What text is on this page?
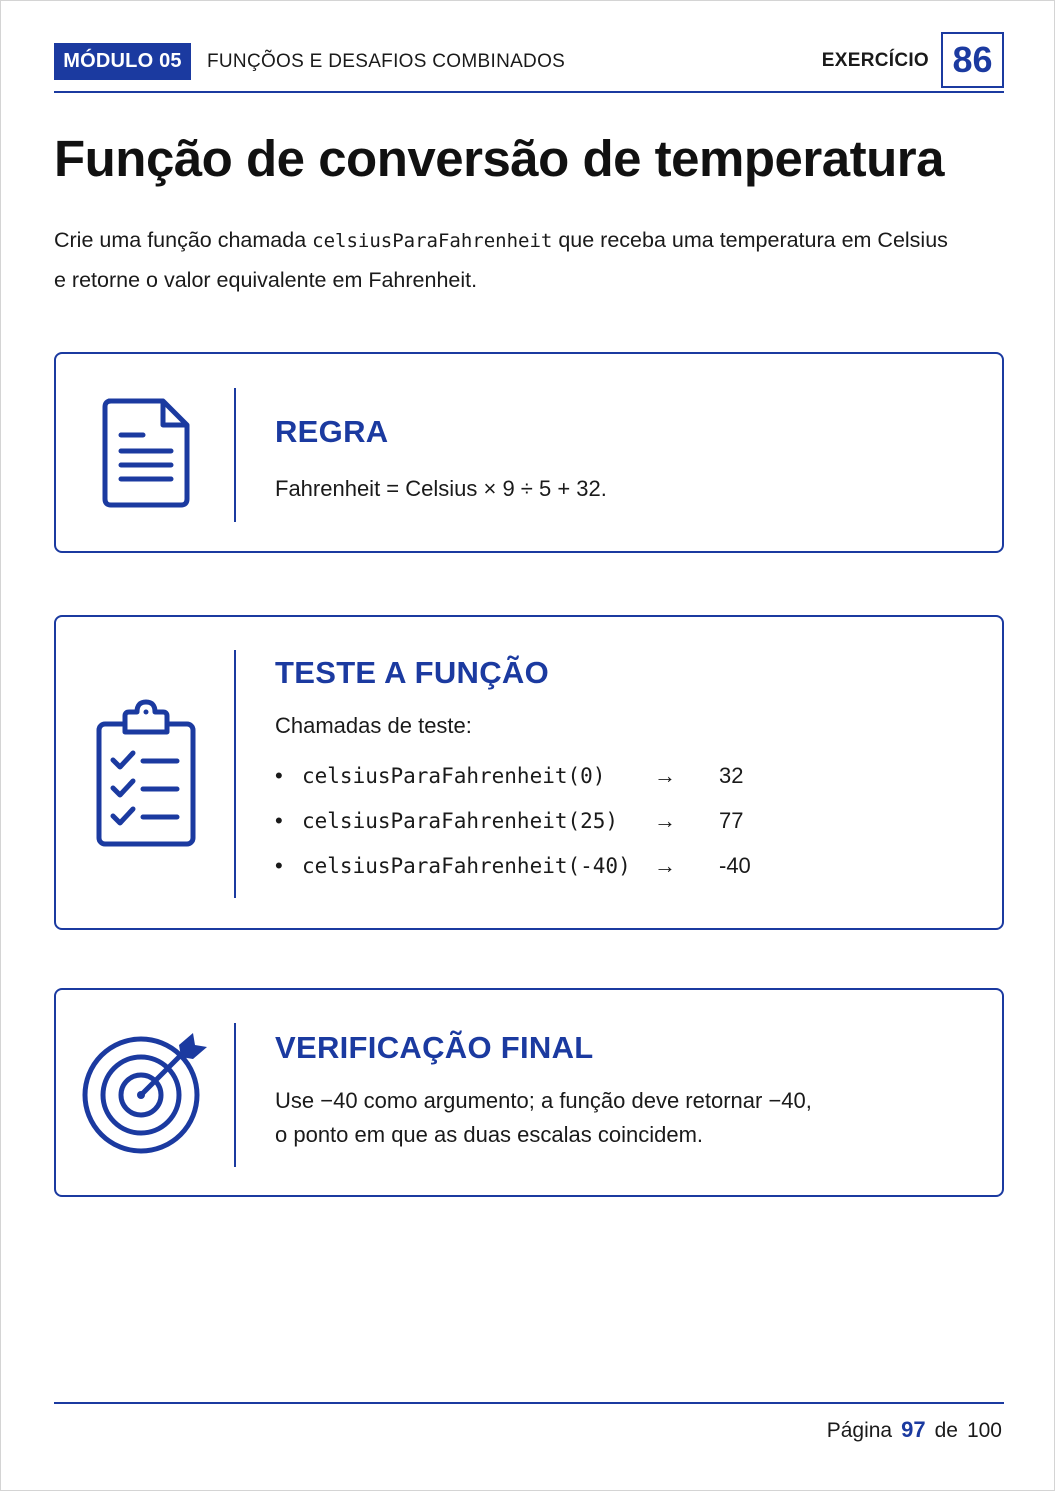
MÓDULO 05	FUNÇÕOS E DESAFIOS COMBINADOS	EXERCÍCIO 86
Função de conversão de temperatura
Crie uma função chamada celsiusParaFahrenheit que receba uma temperatura em Celsius
e retorne o valor equivalente em Fahrenheit.
REGRA

Fahrenheit = Celsius × 9 ÷ 5 + 32.

TESTE A FUNÇÃO
Chamadas de teste:
• celsiusParaFahrenheit(0)	→	32
• celsiusParaFahrenheit(25)	→	77
• celsiusParaFahrenheit(-40)	→	-40
VERIFICAÇÃO FINAL

Use −40 como argumento; a função deve retornar −40,

o ponto em que as duas escalas coincidem.

Página 97 de 100
